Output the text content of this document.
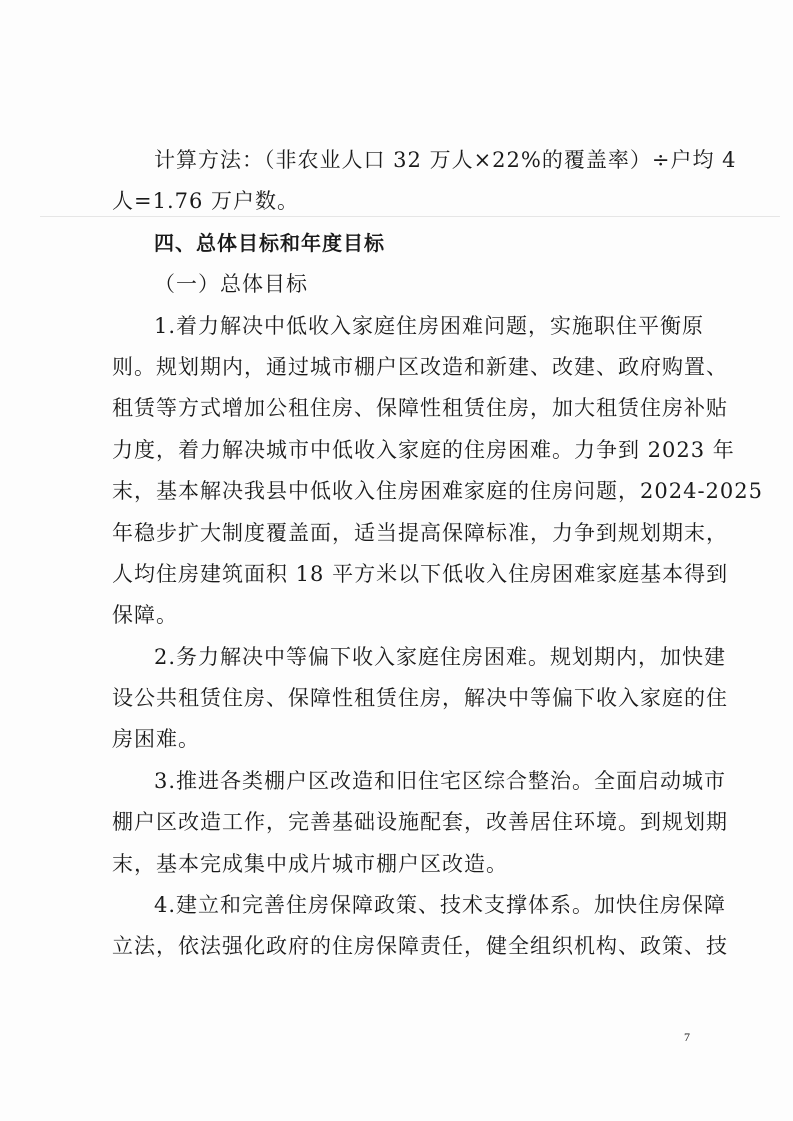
计算方法：（非农业人口 32 万人×22%的覆盖率）÷户均 4
人=1.76 万户数。
四、总体目标和年度目标
（一）总体目标
1.着力解决中低收入家庭住房困难问题，实施职住平衡原
则。规划期内，通过城市棚户区改造和新建、改建、政府购置、
租赁等方式增加公租住房、保障性租赁住房，加大租赁住房补贴
力度，着力解决城市中低收入家庭的住房困难。力争到 2023 年
末，基本解决我县中低收入住房困难家庭的住房问题，2024-2025
年稳步扩大制度覆盖面，适当提高保障标准，力争到规划期末，
人均住房建筑面积 18 平方米以下低收入住房困难家庭基本得到
保障。
2.务力解决中等偏下收入家庭住房困难。规划期内，加快建
设公共租赁住房、保障性租赁住房，解决中等偏下收入家庭的住
房困难。
3.推进各类棚户区改造和旧住宅区综合整治。全面启动城市
棚户区改造工作，完善基础设施配套，改善居住环境。到规划期
末，基本完成集中成片城市棚户区改造。
4.建立和完善住房保障政策、技术支撑体系。加快住房保障
立法，依法强化政府的住房保障责任，健全组织机构、政策、技
7
